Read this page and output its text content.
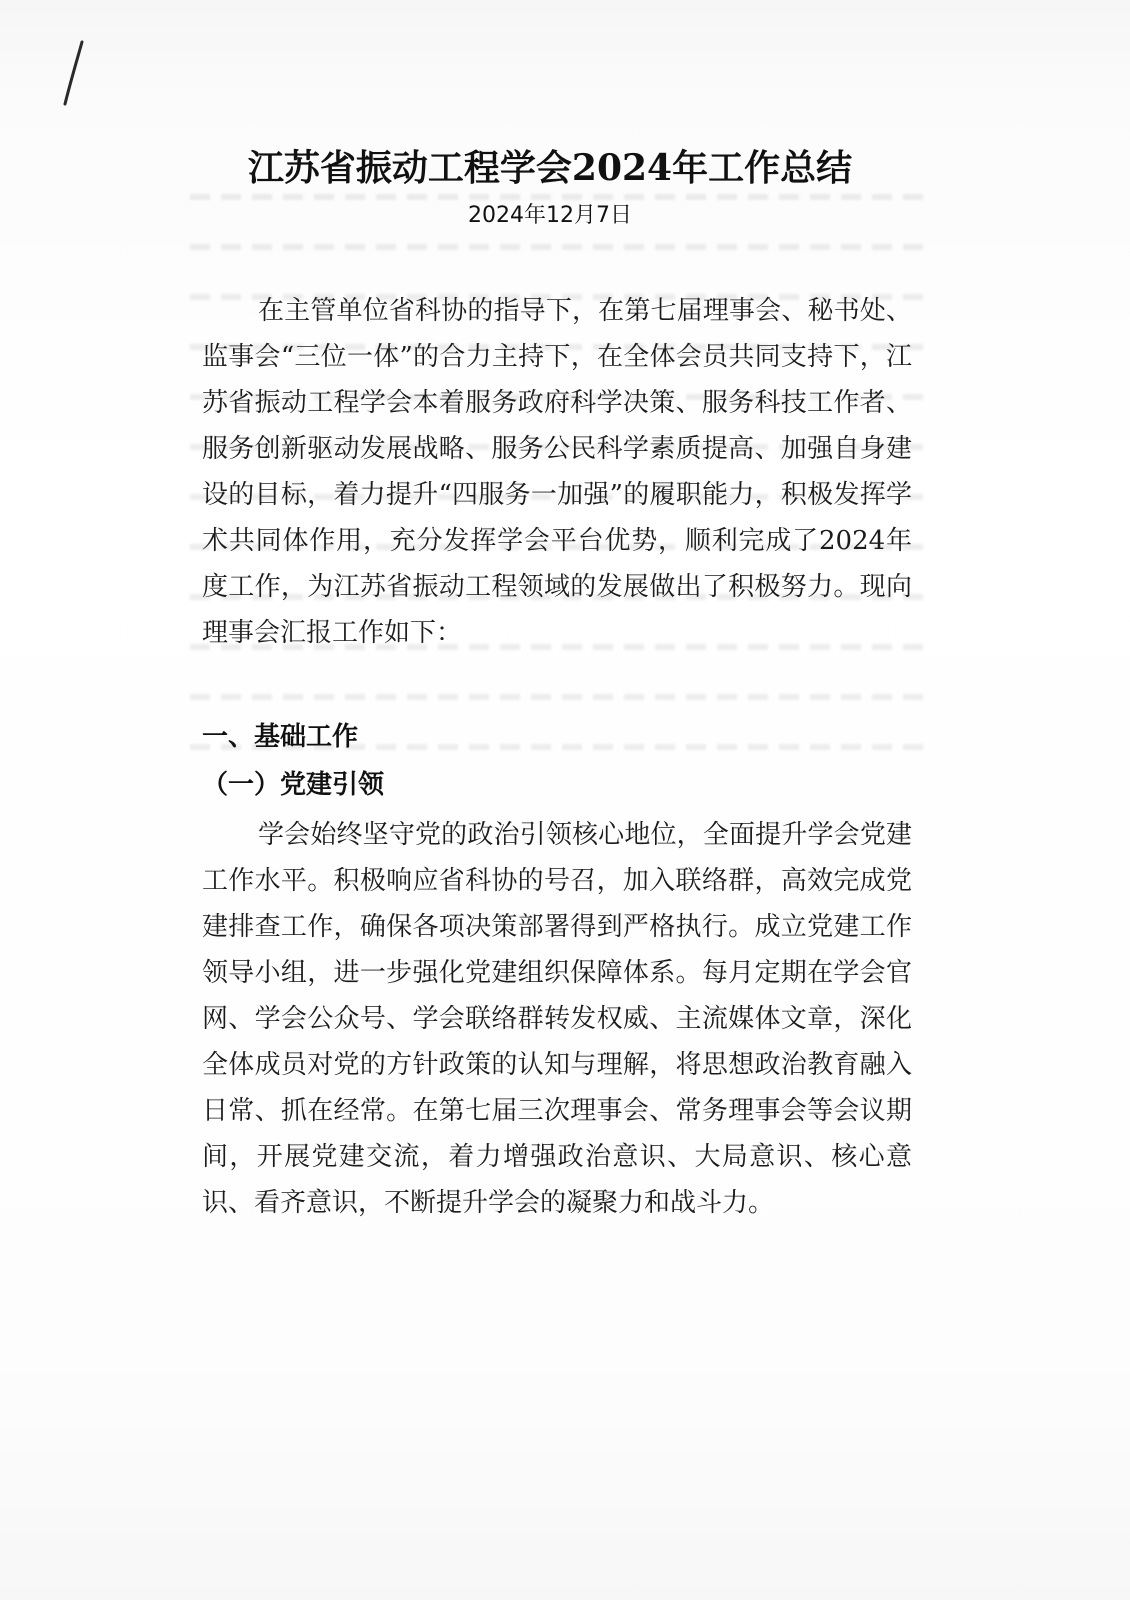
江苏省振动工程学会2024年工作总结
2024年12月7日
在主管单位省科协的指导下，在第七届理事会、秘书处、监事会“三位一体”的合力主持下，在全体会员共同支持下，江苏省振动工程学会本着服务政府科学决策、服务科技工作者、服务创新驱动发展战略、服务公民科学素质提高、加强自身建设的目标，着力提升“四服务一加强”的履职能力，积极发挥学术共同体作用，充分发挥学会平台优势，顺利完成了2024年度工作，为江苏省振动工程领域的发展做出了积极努力。现向理事会汇报工作如下：
一、基础工作
（一）党建引领
学会始终坚守党的政治引领核心地位，全面提升学会党建工作水平。积极响应省科协的号召，加入联络群，高效完成党建排查工作，确保各项决策部署得到严格执行。成立党建工作领导小组，进一步强化党建组织保障体系。每月定期在学会官网、学会公众号、学会联络群转发权威、主流媒体文章，深化全体成员对党的方针政策的认知与理解，将思想政治教育融入日常、抓在经常。在第七届三次理事会、常务理事会等会议期间，开展党建交流，着力增强政治意识、大局意识、核心意识、看齐意识，不断提升学会的凝聚力和战斗力。
